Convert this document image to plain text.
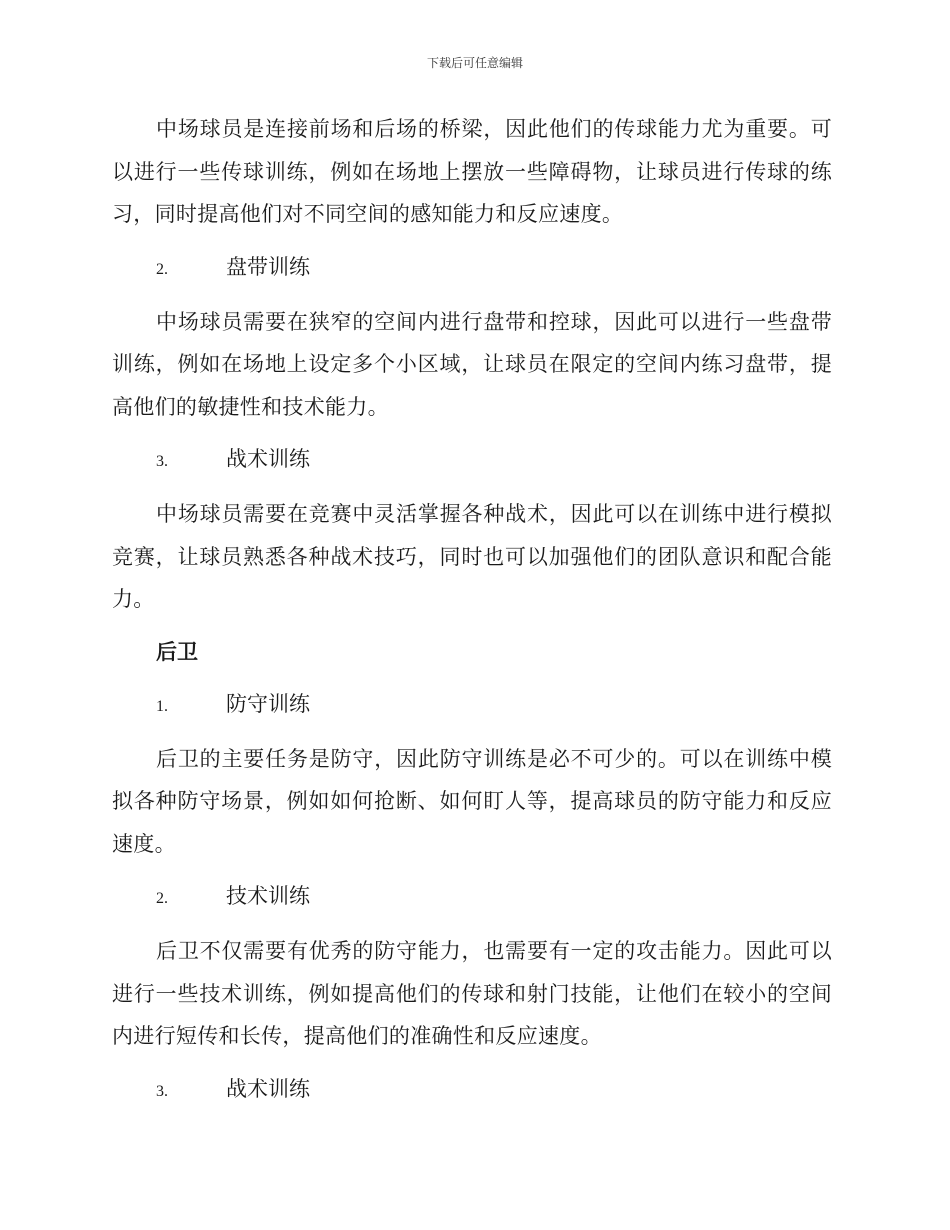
下载后可任意编辑

中场球员是连接前场和后场的桥梁，因此他们的传球能力尤为重要。可以进行一些传球训练，例如在场地上摆放一些障碍物，让球员进行传球的练习，同时提高他们对不同空间的感知能力和反应速度。

2.	盘带训练

中场球员需要在狭窄的空间内进行盘带和控球，因此可以进行一些盘带训练，例如在场地上设定多个小区域，让球员在限定的空间内练习盘带，提高他们的敏捷性和技术能力。

3.	战术训练

中场球员需要在竞赛中灵活掌握各种战术，因此可以在训练中进行模拟竞赛，让球员熟悉各种战术技巧，同时也可以加强他们的团队意识和配合能力。

后卫
1.	防守训练

后卫的主要任务是防守，因此防守训练是必不可少的。可以在训练中模拟各种防守场景，例如如何抢断、如何盯人等，提高球员的防守能力和反应速度。

2.	技术训练

后卫不仅需要有优秀的防守能力，也需要有一定的攻击能力。因此可以进行一些技术训练，例如提高他们的传球和射门技能，让他们在较小的空间内进行短传和长传，提高他们的准确性和反应速度。

3.	战术训练
